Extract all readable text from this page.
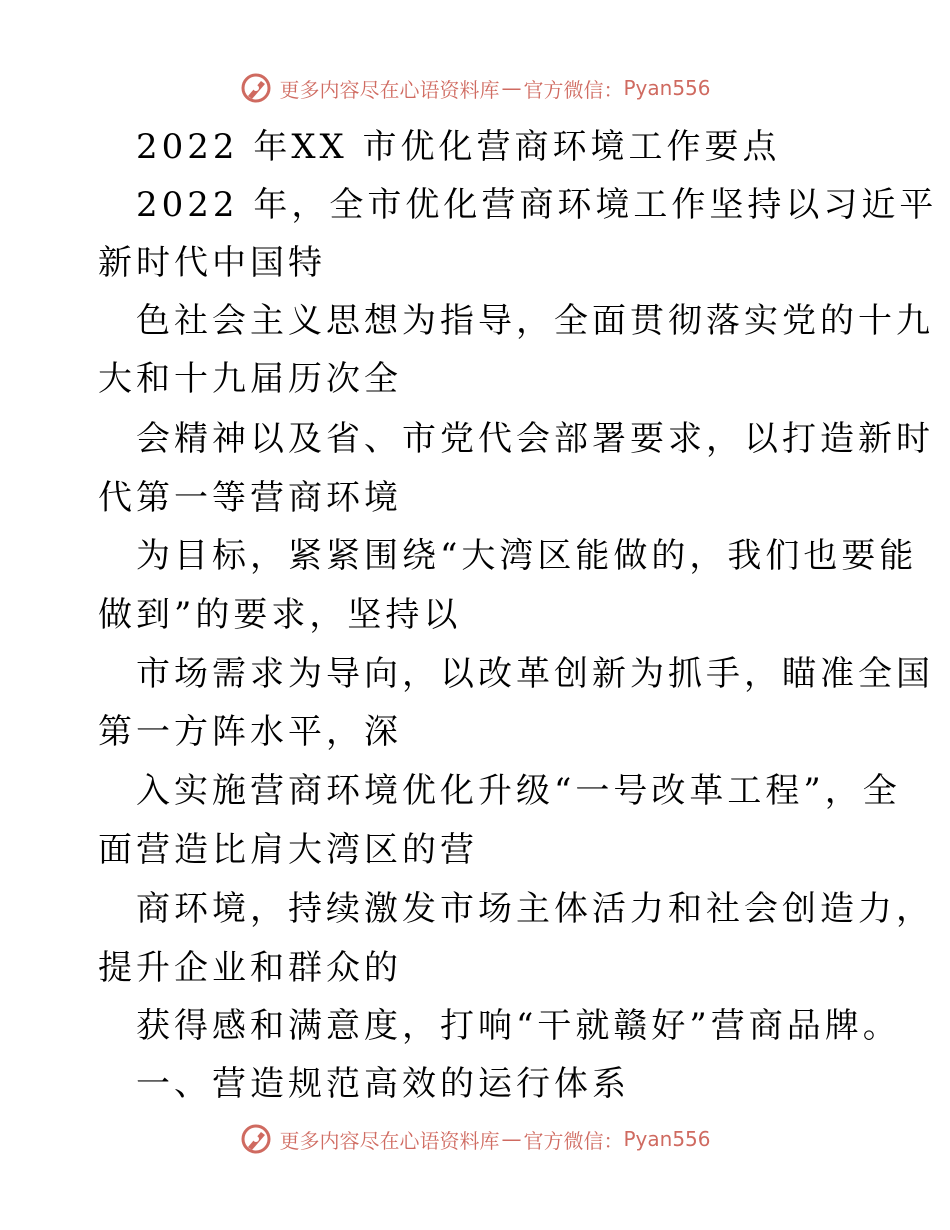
更多内容尽在心语资料库 — 官方微信： Pyan556
2022 年XX 市优化营商环境工作要点
2022 年，全市优化营商环境工作坚持以习近平
新时代中国特
色社会主义思想为指导，全面贯彻落实党的十九
大和十九届历次全
会精神以及省、市党代会部署要求，以打造新时
代第一等营商环境
为目标，紧紧围绕“大湾区能做的，我们也要能
做到”的要求，坚持以
市场需求为导向，以改革创新为抓手，瞄准全国
第一方阵水平，深
入实施营商环境优化升级“一号改革工程”，全
面营造比肩大湾区的营
商环境，持续激发市场主体活力和社会创造力，
提升企业和群众的
获得感和满意度，打响“干就赣好”营商品牌。
一、营造规范高效的运行体系
更多内容尽在心语资料库 — 官方微信： Pyan556
